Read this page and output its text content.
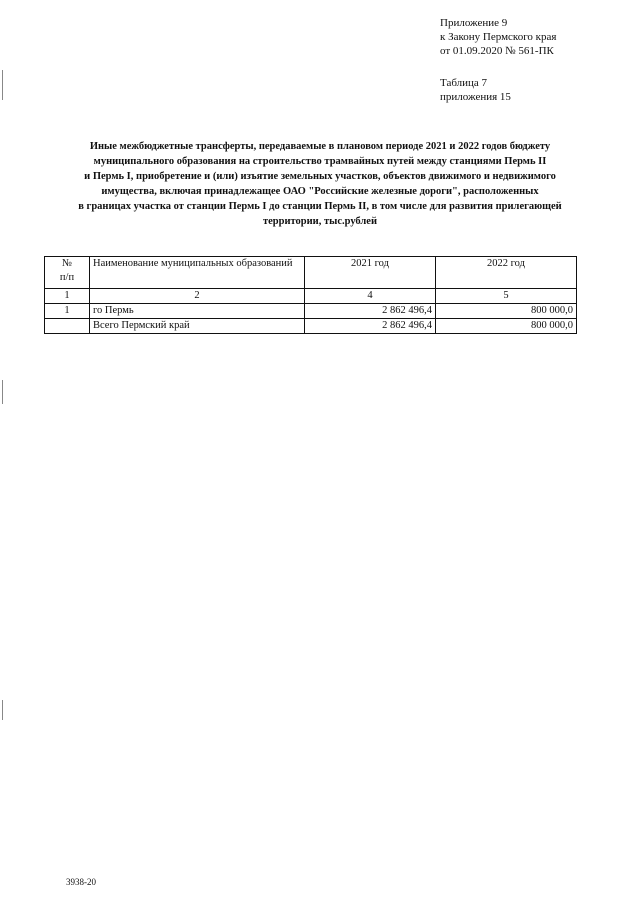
Приложение 9
к Закону Пермского края
от 01.09.2020 № 561-ПК
Таблица 7
приложения 15
Иные межбюджетные трансферты, передаваемые в плановом периоде 2021 и 2022 годов бюджету
муниципального образования на строительство трамвайных путей между станциями Пермь II
и Пермь I, приобретение и (или) изъятие земельных участков, объектов движимого и недвижимого
имущества, включая принадлежащее ОАО "Российские железные дороги", расположенных
в границах участка от станции Пермь I до станции Пермь II, в том числе для развития прилегающей
территории, тыс.рублей
№
п/п	Наименование муниципальных образований	2021 год	2022 год
1	2	4	5
1	го Пермь	2 862 496,4	800 000,0
	Всего Пермский край	2 862 496,4	800 000,0
3938-20
